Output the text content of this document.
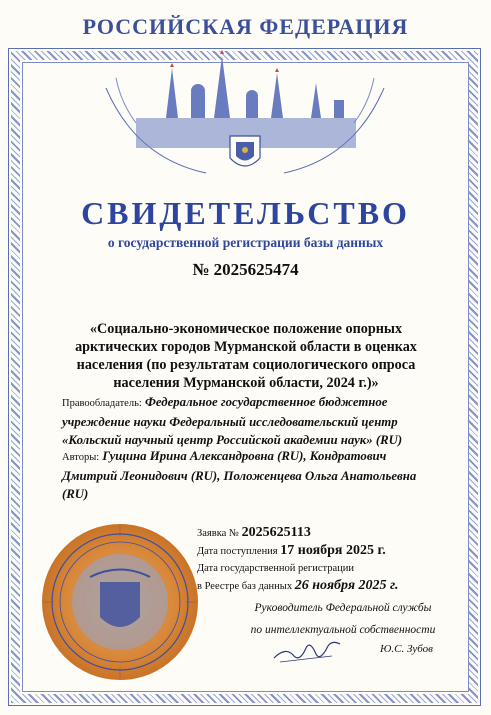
РОССИЙСКАЯ ФЕДЕРАЦИЯ
СВИДЕТЕЛЬСТВО
о государственной регистрации базы данных
№ 2025625474
«Социально-экономическое положение опорных арктических городов Мурманской области в оценках населения (по результатам социологического опроса населения Мурманской области, 2024 г.)»
Правообладатель: Федеральное государственное бюджетное учреждение науки Федеральный исследовательский центр «Кольский научный центр Российской академии наук» (RU)
Авторы: Гущина Ирина Александровна (RU), Кондратович Дмитрий Леонидович (RU), Положенцева Ольга Анатольевна (RU)
Заявка № 2025625113
Дата поступления 17 ноября 2025 г.
Дата государственной регистрации
в Реестре баз данных 26 ноября 2025 г.
Руководитель Федеральной службы
по интеллектуальной собственности
Ю.С. Зубов
